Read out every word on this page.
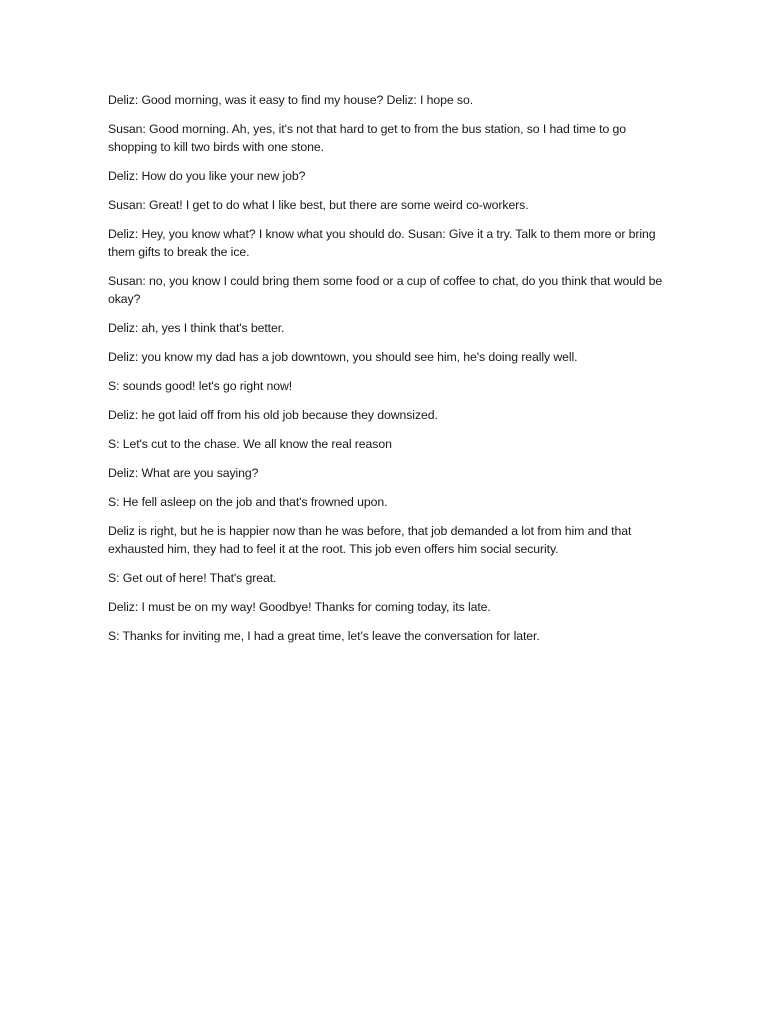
Deliz: Good morning, was it easy to find my house? Deliz: I hope so.

Susan: Good morning. Ah, yes, it's not that hard to get to from the bus station, so I had time to go shopping to kill two birds with one stone.

Deliz: How do you like your new job?

Susan: Great! I get to do what I like best, but there are some weird co-workers.

Deliz: Hey, you know what? I know what you should do. Susan: Give it a try. Talk to them more or bring them gifts to break the ice.

Susan: no, you know I could bring them some food or a cup of coffee to chat, do you think that would be okay?

Deliz: ah, yes I think that's better.

Deliz: you know my dad has a job downtown, you should see him, he's doing really well.

S: sounds good! let's go right now!

Deliz: he got laid off from his old job because they downsized.

S: Let's cut to the chase. We all know the real reason

Deliz: What are you saying?

S: He fell asleep on the job and that's frowned upon.

Deliz is right, but he is happier now than he was before, that job demanded a lot from him and that exhausted him, they had to feel it at the root. This job even offers him social security.

S: Get out of here! That's great.

Deliz: I must be on my way! Goodbye! Thanks for coming today, its late.

S: Thanks for inviting me, I had a great time, let's leave the conversation for later.
